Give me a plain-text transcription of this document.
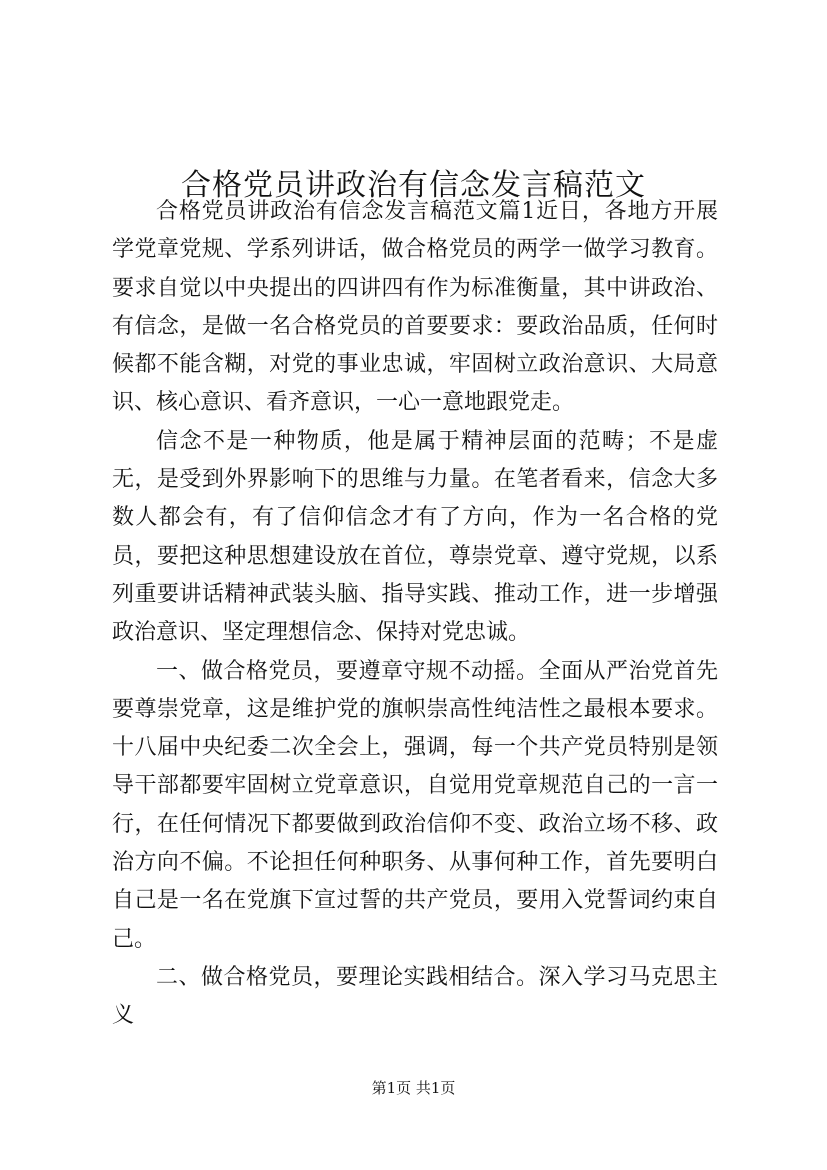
合格党员讲政治有信念发言稿范文

合格党员讲政治有信念发言稿范文篇1近日，各地方开展学党章党规、学系列讲话，做合格党员的两学一做学习教育。要求自觉以中央提出的四讲四有作为标准衡量，其中讲政治、有信念，是做一名合格党员的首要要求：要政治品质，任何时候都不能含糊，对党的事业忠诚，牢固树立政治意识、大局意识、核心意识、看齐意识，一心一意地跟党走。

信念不是一种物质，他是属于精神层面的范畴；不是虚无，是受到外界影响下的思维与力量。在笔者看来，信念大多数人都会有，有了信仰信念才有了方向，作为一名合格的党员，要把这种思想建设放在首位，尊崇党章、遵守党规，以系列重要讲话精神武装头脑、指导实践、推动工作，进一步增强政治意识、坚定理想信念、保持对党忠诚。

一、做合格党员，要遵章守规不动摇。全面从严治党首先要尊崇党章，这是维护党的旗帜崇高性纯洁性之最根本要求。十八届中央纪委二次全会上，强调，每一个共产党员特别是领导干部都要牢固树立党章意识，自觉用党章规范自己的一言一行，在任何情况下都要做到政治信仰不变、政治立场不移、政治方向不偏。不论担任何种职务、从事何种工作，首先要明白自己是一名在党旗下宣过誓的共产党员，要用入党誓词约束自己。

二、做合格党员，要理论实践相结合。深入学习马克思主义

第1页 共1页
